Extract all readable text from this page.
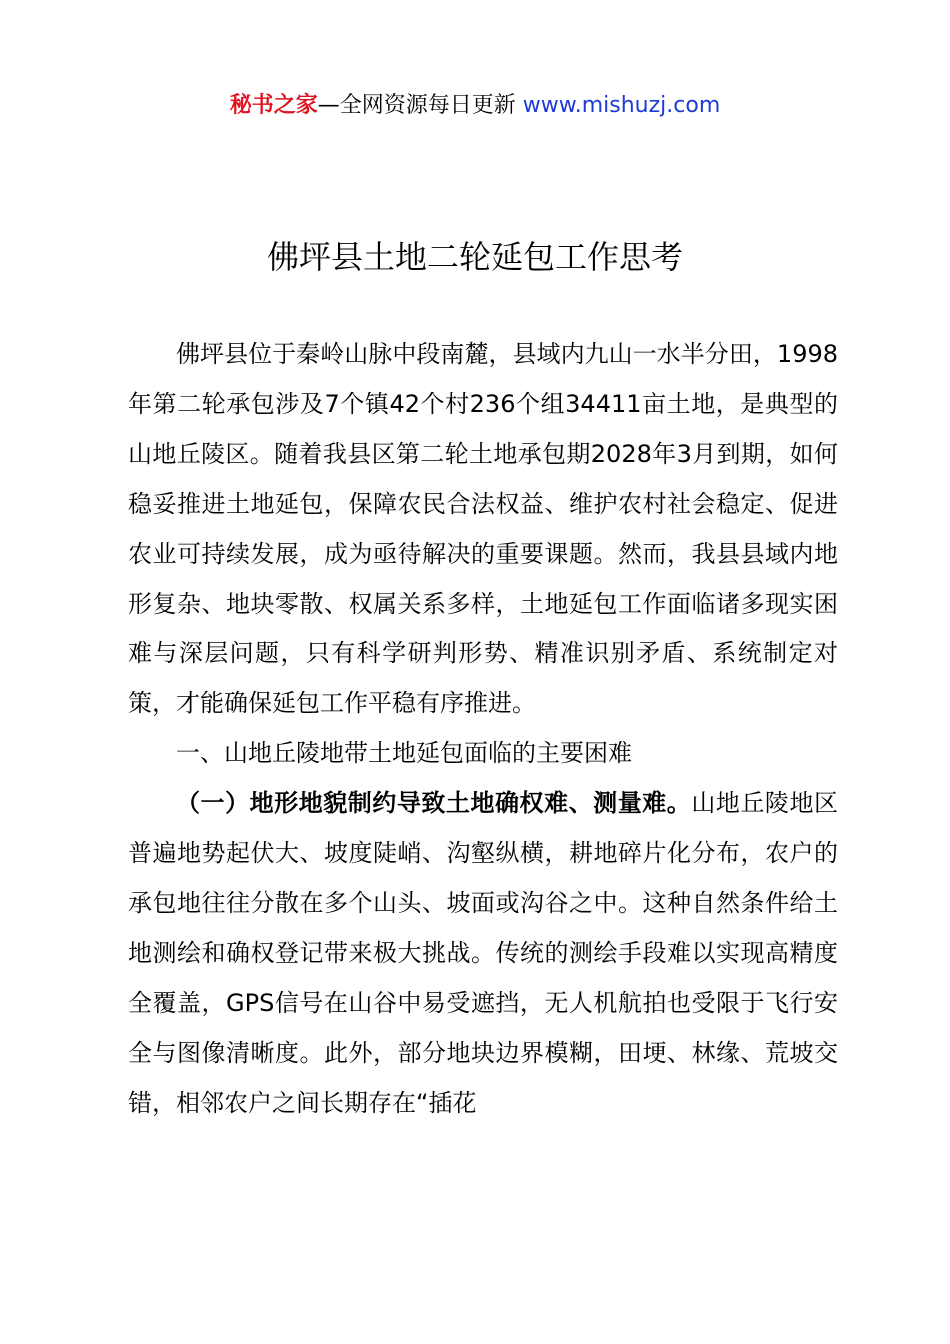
秘书之家—全网资源每日更新 www.mishuzj.com
佛坪县土地二轮延包工作思考

佛坪县位于秦岭山脉中段南麓，县域内九山一水半分田，1998年第二轮承包涉及7个镇42个村236个组34411亩土地，是典型的山地丘陵区。随着我县区第二轮土地承包期2028年3月到期，如何稳妥推进土地延包，保障农民合法权益、维护农村社会稳定、促进农业可持续发展，成为亟待解决的重要课题。然而，我县县域内地形复杂、地块零散、权属关系多样，土地延包工作面临诸多现实困难与深层问题，只有科学研判形势、精准识别矛盾、系统制定对策，才能确保延包工作平稳有序推进。

一、山地丘陵地带土地延包面临的主要困难

（一）地形地貌制约导致土地确权难、测量难。山地丘陵地区普遍地势起伏大、坡度陡峭、沟壑纵横，耕地碎片化分布，农户的承包地往往分散在多个山头、坡面或沟谷之中。这种自然条件给土地测绘和确权登记带来极大挑战。传统的测绘手段难以实现高精度全覆盖，GPS信号在山谷中易受遮挡，无人机航拍也受限于飞行安全与图像清晰度。此外，部分地块边界模糊，田埂、林缘、荒坡交错，相邻农户之间长期存在“插花
